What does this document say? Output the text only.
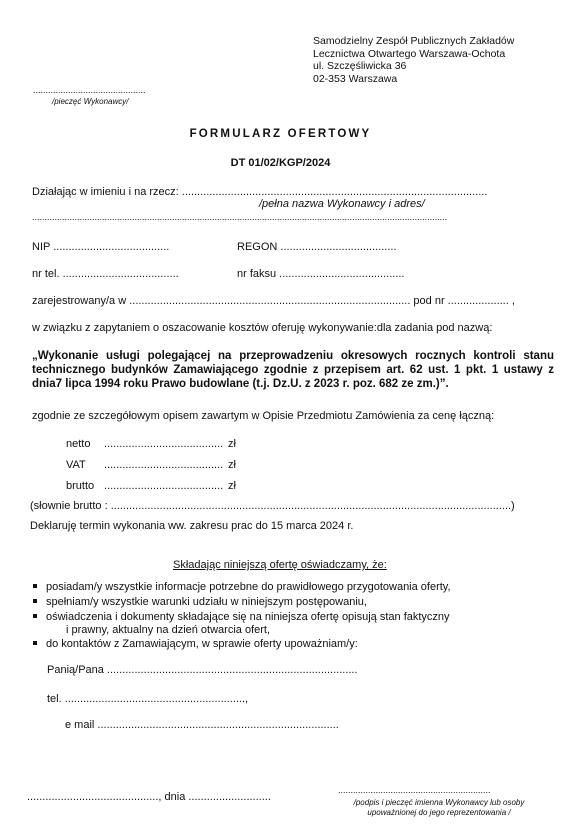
Samodzielny Zespół Publicznych Zakładów
Lecznictwa Otwartego Warszawa-Ochota
ul. Szczęśliwicka 36
02-353 Warszawa
.............................................
/pieczęć Wykonawcy/
FORMULARZ OFERTOWY
DT 01/02/KGP/2024
Działając w imieniu i na rzecz: ....................................................................................................
/pełna nazwa Wykonawcy i adres/
......................................................................................................................................................................
NIP ......................................	REGON ......................................
nr tel. ......................................	nr faksu .........................................
zarejestrowany/a w ............................................................................................ pod nr .................... ,
w związku z zapytaniem o oszacowanie kosztów oferuję wykonywanie:dla zadania pod nazwą:
„Wykonanie usługi polegającej na przeprowadzeniu okresowych rocznych kontroli stanu technicznego budynków Zamawiającego zgodnie z przepisem art. 62 ust. 1 pkt. 1 ustawy z dnia7 lipca 1994 roku Prawo budowlane (t.j. Dz.U. z 2023 r. poz. 682 ze zm.)”.
zgodnie ze szczegółowym opisem zawartym w Opisie Przedmiotu Zamówienia za cenę łączną:
netto ....................................... zł
VAT ....................................... zł
brutto ....................................... zł
(słownie brutto : ...................................................................................................................................)
Deklaruję termin wykonania ww. zakresu prac do 15 marca 2024 r.
Składając niniejszą ofertę oświadczamy, że:
posiadam/y wszystkie informacje potrzebne do prawidłowego przygotowania oferty,
spełniam/y wszystkie warunki udziału w niniejszym postępowaniu,
oświadczenia i dokumenty składające się na niniejsza ofertę opisują stan faktyczny
i prawny, aktualny na dzień otwarcia ofert,
do kontaktów z Zamawiającym, w sprawie oferty upoważniam/y:
Panią/Pana ..................................................................................
tel. ...........................................................,
e mail ...............................................................................
..........................................., dnia ...........................
.............................................................
/podpis i pieczęć imienna Wykonawcy lub osoby upoważnionej do jego reprezentowania /
